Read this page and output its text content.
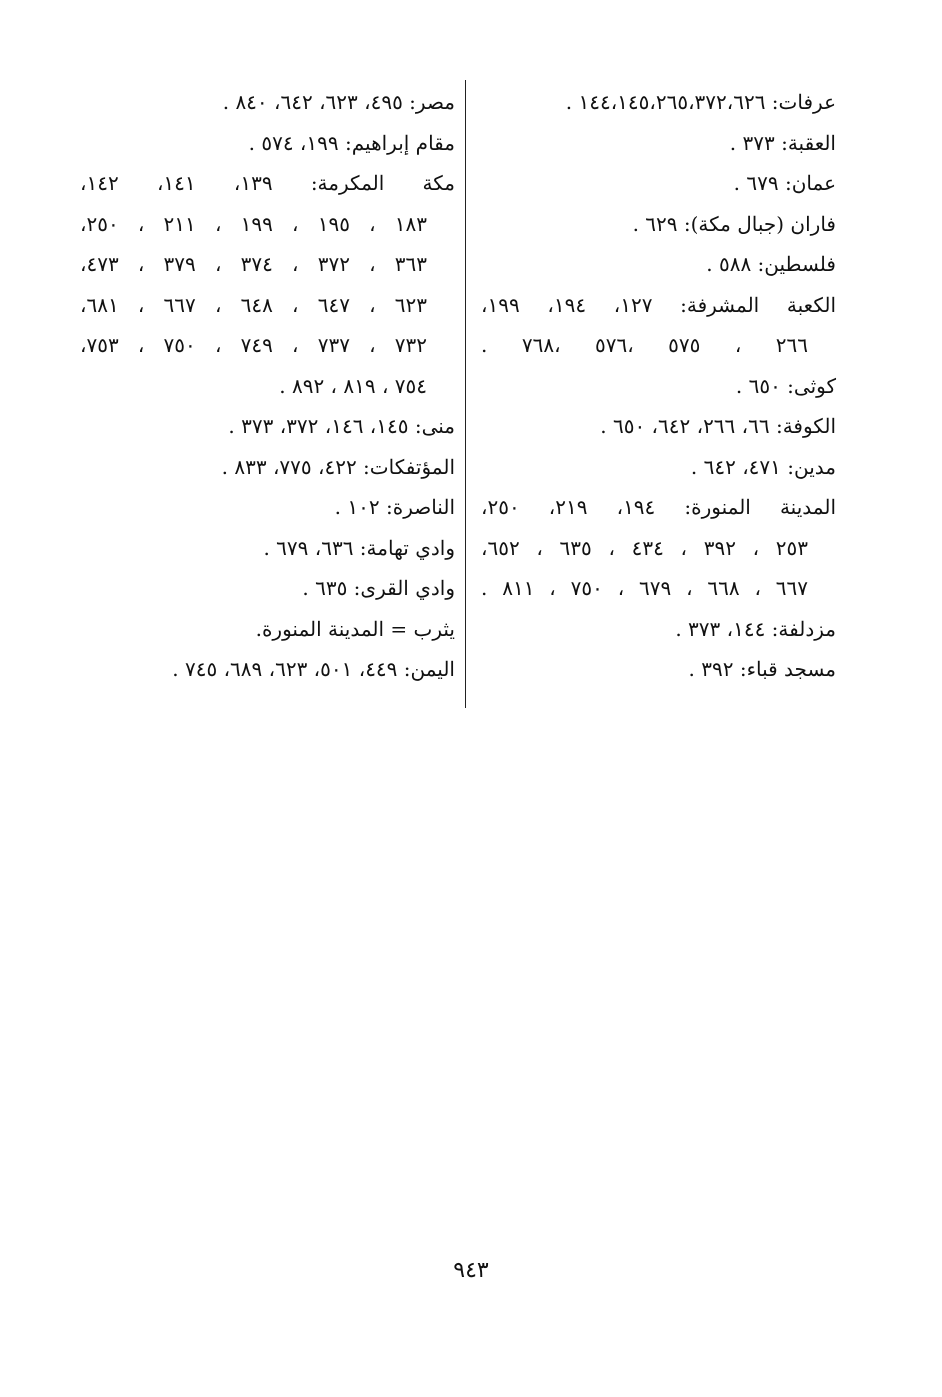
عرفات: ١٤٤،١٤٥،٢٦٥،٣٧٢،٦٢٦ .
العقبة: ٣٧٣ .
عمان: ٦٧٩ .
فاران (جبال مكة): ٦٢٩ .
فلسطين: ٥٨٨ .
الكعبة المشرفة: ١٢٧، ١٩٤، ١٩٩،
٢٦٦ ، ٥٧٥ ،٥٧٦ ،٧٦٨ .
كوثى: ٦٥٠ .
الكوفة: ٦٦، ٢٦٦، ٦٤٢، ٦٥٠ .
مدين: ٤٧١، ٦٤٢ .
المدينة المنورة: ١٩٤، ٢١٩، ٢٥٠،
٢٥٣ ، ٣٩٢ ، ٤٣٤ ، ٦٣٥ ، ٦٥٢،
٦٦٧ ، ٦٦٨ ، ٦٧٩ ، ٧٥٠ ، ٨١١ .
مزدلفة: ١٤٤، ٣٧٣ .
مسجد قباء: ٣٩٢ .
مصر: ٤٩٥، ٦٢٣، ٦٤٢، ٨٤٠ .
مقام إبراهيم: ١٩٩، ٥٧٤ .
مكة المكرمة: ١٣٩، ١٤١، ١٤٢،
١٨٣ ، ١٩٥ ، ١٩٩ ، ٢١١ ، ٢٥٠،
٣٦٣ ، ٣٧٢ ، ٣٧٤ ، ٣٧٩ ، ٤٧٣،
٦٢٣ ، ٦٤٧ ، ٦٤٨ ، ٦٦٧ ، ٦٨١،
٧٣٢ ، ٧٣٧ ، ٧٤٩ ، ٧٥٠ ، ٧٥٣،
٧٥٤ ، ٨١٩ ، ٨٩٢ .
منى: ١٤٥، ١٤٦، ٣٧٢، ٣٧٣ .
المؤتفكات: ٤٢٢، ٧٧٥، ٨٣٣ .
الناصرة: ١٠٢ .
وادي تهامة: ٦٣٦، ٦٧٩ .
وادي القرى: ٦٣٥ .
يثرب = المدينة المنورة.
اليمن: ٤٤٩، ٥٠١، ٦٢٣، ٦٨٩، ٧٤٥ .
٩٤٣
